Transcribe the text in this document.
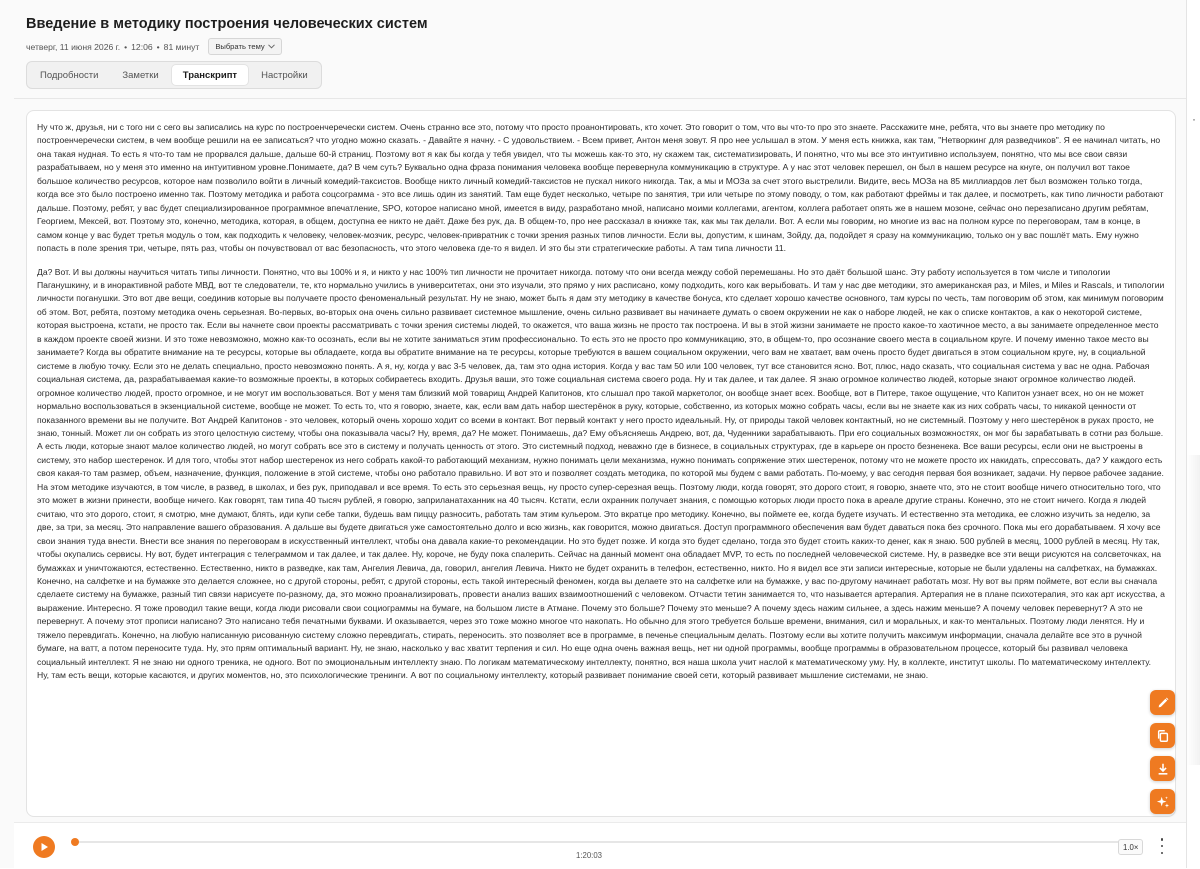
Введение в методику построения человеческих систем
четверг, 11 июня 2026 г. • 12:06 • 81 минут Выбрать тему
Подробности	Заметки	Транскрипт	Настройки

Ну что ж, друзья, ни с того ни с сего вы записались на курс по построенчеречески систем. Очень странно все это, потому что просто проанонтировать, кто хочет. Это говорит о том, что вы что-то про это знаете. Расскажите мне, ребята, что вы знаете про методику по построенчеречески систем, в чем вообще решили на ее записаться? что угодно можно сказать. - Давайте я начну. - С удовольствием. - Всем привет, Антон меня зовут. Я про нее услышал в этом. У меня есть книжка, как там, "Нетворкинг для разведчиков". Я ее начинал читать, но она такая нудная. То есть я что-то там не прорвался дальше, дальше 60-й страниц. Поэтому вот я как бы когда у тебя увидел, что ты можешь как-то это, ну скажем так, систематизировать, И понятно, что мы все это интуитивно используем, понятно, что мы все свои связи разрабатываем, но у меня это именно на интуитивном уровне.Понимаете, да? В чем суть? Буквально одна фраза понимания человека вообще перевернула коммуникацию в структуре. А у нас этот человек перешел, он был в нашем ресурсе на кнуге, он получил вот такое большое количество ресурсов, которое нам позволило войти в личный комедий-таксистов. Вообще никто личный комедий-таксистов не пускал никого никогда. Так, а мы и МОЗа за счет этого выстрелили. Видите, весь МОЗа на 85 миллиардов лет был возможен только тогда, когда все это было построено именно так. Поэтому методика и работа соцсограмма - это все лишь один из занятий. Там еще будет несколько, четыре по занятия, три или четыре по этому поводу, о том, как работают фреймы и так далее, и посмотреть, как типо личности работают дальше. Поэтому, ребят, у вас будет специализированное программное впечатление, SPO, которое написано мной, имеется в виду, разработано мной, написано моими коллегами, агентом, коллега работает опять же в нашем мозоне, сейчас оно перезаписано другим ребятам, Георгием, Мексей, вот. Поэтому это, конечно, методика, которая, в общем, доступна ее никто не даёт. Даже без рук, да. В общем-то, про нее рассказал в книжке так, как мы так делали. Вот. А если мы говорим, но многие из вас на полном курсе по переговорам, там в конце, в самом конце у вас будет третья модуль о том, как подходить к человеку, человек-мозчик, ресурс, человек-привратник с точки зрения разных типов личности. Если вы, допустим, к шинам, Зойду, да, подойдет я сразу на коммуникацию, только он у вас пошлёт мать. Ему нужно попасть в поле зрения три, четыре, пять раз, чтобы он почувствовал от вас безопасность, что этого человека где-то я видел. И это бы эти стратегические работы. А там типа личности 11.

Да? Вот. И вы должны научиться читать типы личности. Понятно, что вы 100% и я, и никто у нас 100% тип личности не прочитает никогда. потому что они всегда между собой перемешаны. Но это даёт большой шанс. Эту работу используется в том числе и типологии Паганушкину, и в инорактивной работе МВД, вот те следователи, те, кто нормально учились в университетах, они это изучали, это прямо у них расписано, кому подходить, кого как верыбовать. И там у нас две методики, это американская раз, и Miles, и Miles и Rascals, и типологии личности поганушки. Это вот две вещи, соединив которые вы получаете просто феноменальный результат. Ну не знаю, может быть я дам эту методику в качестве бонуса, кто сделает хорошо качестве основного, там курсы по честь, там поговорим об этом, как минимум поговорим об этом. Вот, ребята, поэтому методика очень серьезная. Во-первых, во-вторых она очень сильно развивает системное мышление, очень сильно развивает вы начинаете думать о своем окружении не как о наборе людей, не как о списке контактов, а как о некоторой системе, которая выстроена, кстати, не просто так. Если вы начнете свои проекты рассматривать с точки зрения системы людей, то окажется, что ваша жизнь не просто так построена. И вы в этой жизни занимаете не просто какое-то хаотичное место, а вы занимаете определенное место в каждом проекте своей жизни. И это тоже невозможно, можно как-то осознать, если вы не хотите заниматься этим профессионально. То есть это не просто про коммуникацию, это, в общем-то, про осознание своего места в социальном круге. И почему именно такое место вы занимаете? Когда вы обратите внимание на те ресурсы, которые вы обладаете, когда вы обратите внимание на те ресурсы, которые требуются в вашем социальном окружении, чего вам не хватает, вам очень просто будет двигаться в этом социальном круге, ну, в социальной системе в любую точку. Если это не делать специально, просто невозможно понять. А я, ну, когда у вас 3-5 человек, да, там это одна история. Когда у вас там 50 или 100 человек, тут все становится ясно. Вот, плюс, надо сказать, что социальная система у вас не одна. Рабочая социальная система, да, разрабатываемая какие-то возможные проекты, в которых собираетесь входить. Друзья ваши, это тоже социальная система своего рода. Ну и так далее, и так далее. Я знаю огромное количество людей, которые знают огромное количество людей. огромное количество людей, просто огромное, и не могут им воспользоваться. Вот у меня там близкий мой товарищ Андрей Капитонов, кто слышал про такой маркетолог, он вообще знает всех. Вообще, вот в Питере, такое ощущение, что Капитон узнает всех, но он не может нормально воспользоваться в экзенциальной системе, вообще не может. То есть то, что я говорю, знаете, как, если вам дать набор шестерёнок в руку, которые, собственно, из которых можно собрать часы, если вы не знаете как из них собрать часы, то никакой ценности от показанного времени вы не получите. Вот Андрей Капитонов - это человек, который очень хорошо ходит со всеми в контакт. Вот первый контакт у него просто идеальный. Ну, от природы такой человек контактный, но не системный. Поэтому у него шестерёнок в руках просто, не знаю, тонный. Может ли он собрать из этого целостную систему, чтобы она показывала часы? Ну, время, да? Не может. Понимаешь, да? Ему объясняешь Андрею, вот, да, Чуденники зарабатывають. При его социальных возможностях, он мог бы зарабатывать в сотни раз больше. А есть люди, которые знают малое количество людей, но могут собрать все это в систему и получать ценность от этого. Это системный подход, неважно где в бизнесе, в социальных структурах, где в карьере он просто безненека. Все ваши ресурсы, если они не выстроены в систему, это набор шестеренок. И для того, чтобы этот набор шестеренок из него собрать какой-то работающий механизм, нужно понимать цели механизма, нужно понимать сопряжение этих шестеренок, потому что не можете просто их накидать, спрессовать, да? У каждого есть своя какая-то там размер, объем, назначение, функция, положение в этой системе, чтобы оно работало правильно. И вот это и позволяет создать методика, по которой мы будем с вами работать. По-моему, у вас сегодня первая боя возникает, задачи. Ну первое рабочее задание. На этом методике изучаются, в том числе, в развед, в школах, и без рук, приподавал и все время. То есть это серьезная вещь, ну просто супер-серезная вещь. Поэтому люди, когда говорят, это дорого стоит, я говорю, знаете что, это не стоит вообще ничего относительно того, что это может в жизни принести, вообще ничего. Как говорят, там типа 40 тысяч рублей, я говорю, заприланатаханник на 40 тысяч. Кстати, если охранник получает знания, с помощью которых люди просто пока в ареале другие страны. Конечно, это не стоит ничего. Когда я людей считаю, что это дорого, стоит, я смотрю, мне думают, блять, иди купи себе тапки, будешь вам пиццу разносить, работать там этим кульером. Это вкратце про методику. Конечно, вы поймете ее, когда будете изучать. И естественно эта методика, ее сложно изучить за неделю, за две, за три, за месяц. Это направление вашего образования. А дальше вы будете двигаться уже самостоятельно долго и всю жизнь, как говорится, можно двигаться. Доступ программного обеспечения вам будет даваться пока без срочного. Пока мы его дорабатываем. Я хочу все свои знания туда внести. Внести все знания по переговорам в искусственный интеллект, чтобы она давала какие-то рекомендации. Но это будет позже. И когда это будет сделано, тогда это будет стоить каких-то денег, как я знаю. 500 рублей в месяц, 1000 рублей в месяц. Ну так, чтобы окупались сервисы. Ну вот, будет интеграция с телеграммом и так далее, и так далее. Ну, короче, не буду пока спалерить. Сейчас на данный момент она обладает MVP, то есть по последней человеческой системе. Ну, в разведке все эти вещи рисуются на солсветочках, на бумажках и уничтожаются, естественно. Естественно, никто в разведке, как там, Ангелия Левича, да, говорил, ангелия Левича. Никто не будет охранить в телефон, естественно, никто. Но я видел все эти записи интересные, которые не были удалены на салфетках, на бумажках. Конечно, на салфетке и на бумажке это делается сложнее, но с другой стороны, ребят, с другой стороны, есть такой интересный феномен, когда вы делаете это на салфетке или на бумажке, у вас по-другому начинает работать мозг. Ну вот вы прям поймете, вот если вы сначала сделаете систему на бумажке, разный тип связи нарисуете по-разному, да, это можно проанализировать, провести анализ ваших взаимоотношений с человеком. Отчасти тетин занимается то, что называется артерапия. Артерапия не в плане психотерапия, это как арт искусства, а выражение. Интересно. Я тоже проводил такие вещи, когда люди рисовали свои социограммы на бумаге, на большом листе в Атмане. Почему это больше? Почему это меньше? А почему здесь нажим сильнее, а здесь нажим меньше? А почему человек перевернут? А это не перевернут. А почему этот прописи написано? Это написано тебя печатными буквами. И оказывается, через это тоже можно многое что накопать. Но обычно для этого требуется больше времени, внимания, сил и моральных, и как-то ментальных. Поэтому люди ленятся. Ну и тяжело перевдигать. Конечно, на любую написанную рисованную систему сложно перевдигать, стирать, переносить. это позволяет все в программе, в печенье специальным делать. Поэтому если вы хотите получить максимум информации, сначала делайте все это в ручной бумаге, на ватт, а потом переносите туда. Ну, это прям оптимальный вариант. Ну, не знаю, насколько у вас хватит терпения и сил. Но еще одна очень важная вещь, нет ни одной программы, вообще программы в образовательном процессе, который бы развивал человека социальный интеллект. Я не знаю ни одного треника, не одного. Вот по эмоциональным интеллекту знаю. По логикам математическому интеллекту, понятно, вся наша школа учит наслой к математическому уму. Ну, в коллекте, институт школы. По математическому интеллекту. Ну, там есть вещи, которые касаются, и других моментов, но, это психологические тренинги. А вот по социальному интеллекту, который развивает понимание своей сети, который развивает мышление системами, не знаю.

1:20:03
1.0×
·
